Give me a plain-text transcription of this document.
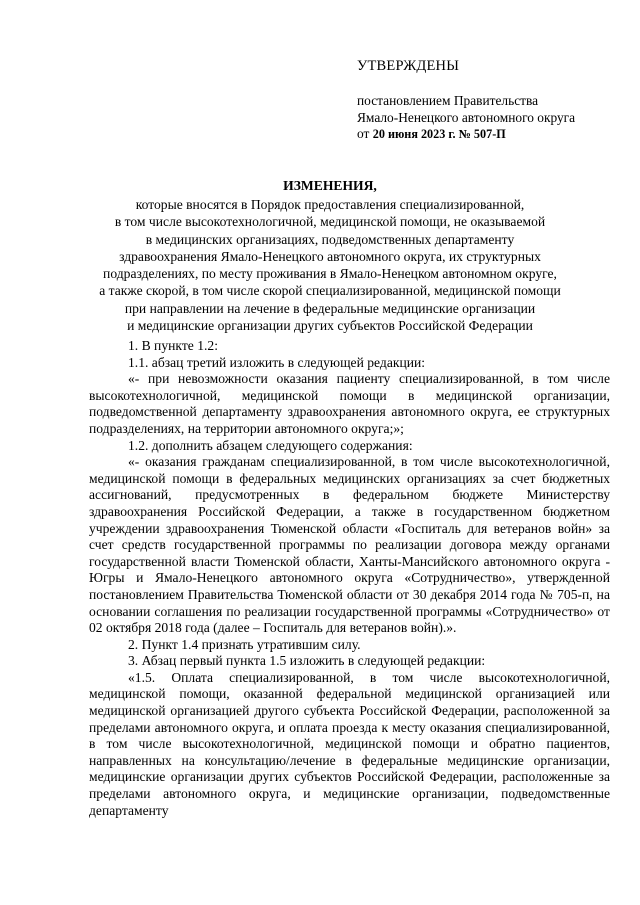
УТВЕРЖДЕНЫ
постановлением Правительства
Ямало-Ненецкого автономного округа
от 20 июня 2023 г. № 507-П
ИЗМЕНЕНИЯ,
которые вносятся в Порядок предоставления специализированной,
в том числе высокотехнологичной, медицинской помощи, не оказываемой
в медицинских организациях, подведомственных департаменту
здравоохранения Ямало-Ненецкого автономного округа, их структурных
подразделениях, по месту проживания в Ямало-Ненецком автономном округе,
а также скорой, в том числе скорой специализированной, медицинской помощи
при направлении на лечение в федеральные медицинские организации
и медицинские организации других субъектов Российской Федерации

1. В пункте 1.2:

1.1. абзац третий изложить в следующей редакции:

«- при невозможности оказания пациенту специализированной, в том числе высокотехнологичной, медицинской помощи в медицинской организации, подведомственной департаменту здравоохранения автономного округа, ее структурных подразделениях, на территории автономного округа;»;

1.2. дополнить абзацем следующего содержания:

«- оказания гражданам специализированной, в том числе высокотехнологичной, медицинской помощи в федеральных медицинских организациях за счет бюджетных ассигнований, предусмотренных в федеральном бюджете Министерству здравоохранения Российской Федерации, а также в государственном бюджетном учреждении здравоохранения Тюменской области «Госпиталь для ветеранов войн» за счет средств государственной программы по реализации договора между органами государственной власти Тюменской области, Ханты-Мансийского автономного округа - Югры и Ямало-Ненецкого автономного округа «Сотрудничество», утвержденной постановлением Правительства Тюменской области от 30 декабря 2014 года № 705-п, на основании соглашения по реализации государственной программы «Сотрудничество» от 02 октября 2018 года (далее – Госпиталь для ветеранов войн).».

2. Пункт 1.4 признать утратившим силу.

3. Абзац первый пункта 1.5 изложить в следующей редакции:

«1.5. Оплата специализированной, в том числе высокотехнологичной, медицинской помощи, оказанной федеральной медицинской организацией или медицинской организацией другого субъекта Российской Федерации, расположенной за пределами автономного округа, и оплата проезда к месту оказания специализированной, в том числе высокотехнологичной, медицинской помощи и обратно пациентов, направленных на консультацию/лечение в федеральные медицинские организации, медицинские организации других субъектов Российской Федерации, расположенные за пределами автономного округа, и медицинские организации, подведомственные департаменту
